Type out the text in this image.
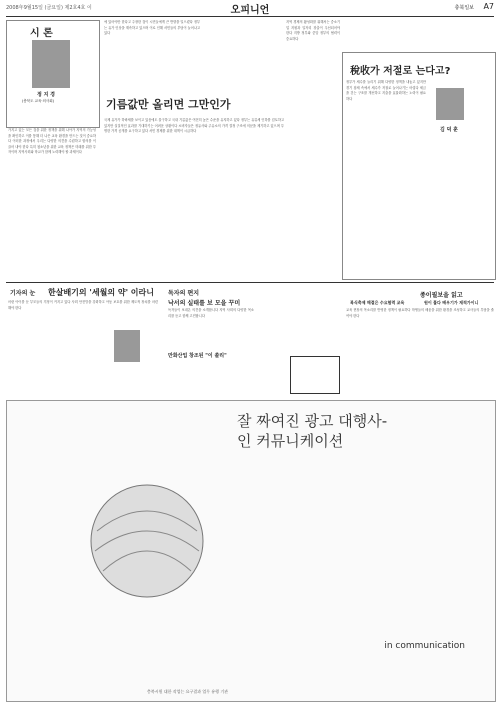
2008年9월15일 (금요일) 제2호4호 이	오피니언	충북일보 A7
시 론
정 지 경
(충북도 교육·의사회)
가지고 있는 모든 것을 위한 정책을 위해 나아가 지역의 가능성을 확인하고 이를 통해 더 나은 교육 환경을 만드는 것이 중요하다 이러한 과정에서 우리는 다양한 의견을 수렴하고 합의를 이끌어 내야 한다 특히 청소년을 위한 교육 정책은 미래를 위한 투자이며 지역사회와 학교가 함께 노력해야 할 과제이다
기름값만 올리면 그만인가
에 있어야만 한다고 주장한 것이 시민들에게 큰 반향을 일으켰다 정부는 유가 인상을 계속하고 있으며 이로 인해 서민들의 부담이 늘어나고 있다
국제 유가가 하락세를 보이고 있음에도 불구하고 국내 기름값은 여전히 높은 수준을 유지하고 있다 정부는 유류세 인하를 검토하고 있지만 실질적인 효과를 기대하기는 어려운 상황이다 소비자들은 정유사와 주유소의 가격 결정 구조에 의문을 제기하고 있으며 투명한 가격 공개를 요구하고 있다 서민 경제를 위한 대책이 시급하다
稅收가 저절로 는다고?
김 덕 훈
정부가 세수를 늘리기 위해 다양한 정책을 내놓고 있지만 경기 침체 속에서 세수가 저절로 늘어나기는 어렵다 세금을 걷는 구조를 개선하고 지출을 효율화하는 노력이 필요하다
지역 경제의 활성화를 위해서는 중소기업 지원과 일자리 창출이 우선되어야 한다 지방 정부와 중앙 정부의 협력이 중요하다
기자의 눈 한살배기의 '세월의 약' 이라니
어린 아이를 둔 부모들의 걱정이 커지고 있다 사회 안전망을 강화하고 아동 보호를 위한 제도적 장치를 마련해야 한다
독자의 편지
낙서의 실태를 보 모을 꾸미
독자들이 보내온 의견을 소개합니다 지역 사회의 다양한 목소리를 듣고 함께 고민합니다
만화산업 창조된 "이 쏠리"
종이필보을 읽고
복식축제 해결은 수요협력 교육	원이 훌다 배우기가 재적가이니
교육 현장의 목소리를 반영한 정책이 필요하다 학생들의 배움을 위한 환경을 조성하고 교사들의 부담을 줄여야 한다
잘 짜여진 광고 대행사-
인 커뮤니케이션
in communication
충북시원 대한 작업는 요구결과 업무 유행 기관
